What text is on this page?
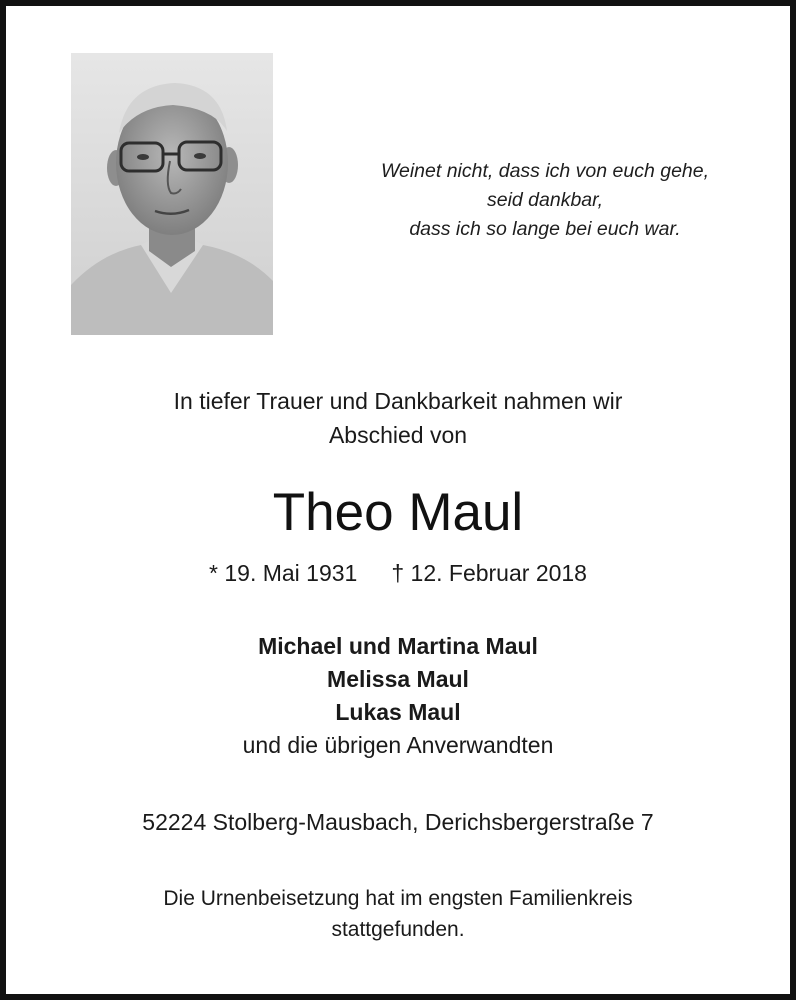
Weinet nicht, dass ich von euch gehe,
seid dankbar,
dass ich so lange bei euch war.
In tiefer Trauer und Dankbarkeit nahmen wir
Abschied von
Theo Maul
* 19. Mai 1931 † 12. Februar 2018
Michael und Martina Maul
Melissa Maul
Lukas Maul
und die übrigen Anverwandten
52224 Stolberg-Mausbach, Derichsbergerstraße 7
Die Urnenbeisetzung hat im engsten Familienkreis
stattgefunden.
